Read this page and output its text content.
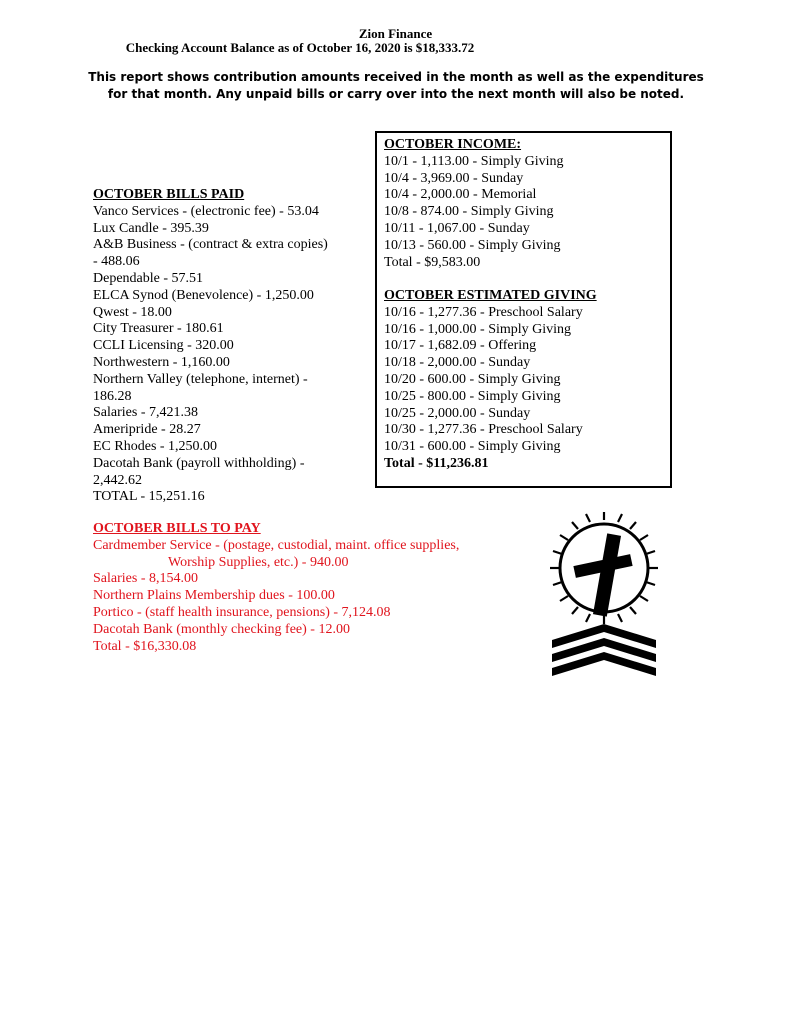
Zion Finance
Checking Account Balance as of October 16, 2020 is $18,333.72
This report shows contribution amounts received in the month as well as the expenditures
for that month. Any unpaid bills or carry over into the next month will also be noted.
OCTOBER BILLS PAID
Vanco Services - (electronic fee) - 53.04
Lux Candle - 395.39
A&B Business - (contract & extra copies)
- 488.06
Dependable - 57.51
ELCA Synod (Benevolence) - 1,250.00
Qwest - 18.00
City Treasurer - 180.61
CCLI Licensing - 320.00
Northwestern - 1,160.00
Northern Valley (telephone, internet) -
186.28
Salaries - 7,421.38
Ameripride - 28.27
EC Rhodes - 1,250.00
Dacotah Bank (payroll withholding) -
2,442.62
TOTAL - 15,251.16
OCTOBER INCOME:
10/1 - 1,113.00 - Simply Giving
10/4 - 3,969.00 - Sunday
10/4 - 2,000.00 - Memorial
10/8 - 874.00 - Simply Giving
10/11 - 1,067.00 - Sunday
10/13 - 560.00 - Simply Giving
Total - $9,583.00
OCTOBER ESTIMATED GIVING
10/16 - 1,277.36 - Preschool Salary
10/16 - 1,000.00 - Simply Giving
10/17 - 1,682.09 - Offering
10/18 - 2,000.00 - Sunday
10/20 - 600.00 - Simply Giving
10/25 - 800.00 - Simply Giving
10/25 - 2,000.00 - Sunday
10/30 - 1,277.36 - Preschool Salary
10/31 - 600.00 - Simply Giving
Total - $11,236.81
OCTOBER BILLS TO PAY
Cardmember Service - (postage, custodial, maint. office supplies,
Worship Supplies, etc.) - 940.00
Salaries - 8,154.00
Northern Plains Membership dues - 100.00
Portico - (staff health insurance, pensions) - 7,124.08
Dacotah Bank (monthly checking fee) - 12.00
Total - $16,330.08
